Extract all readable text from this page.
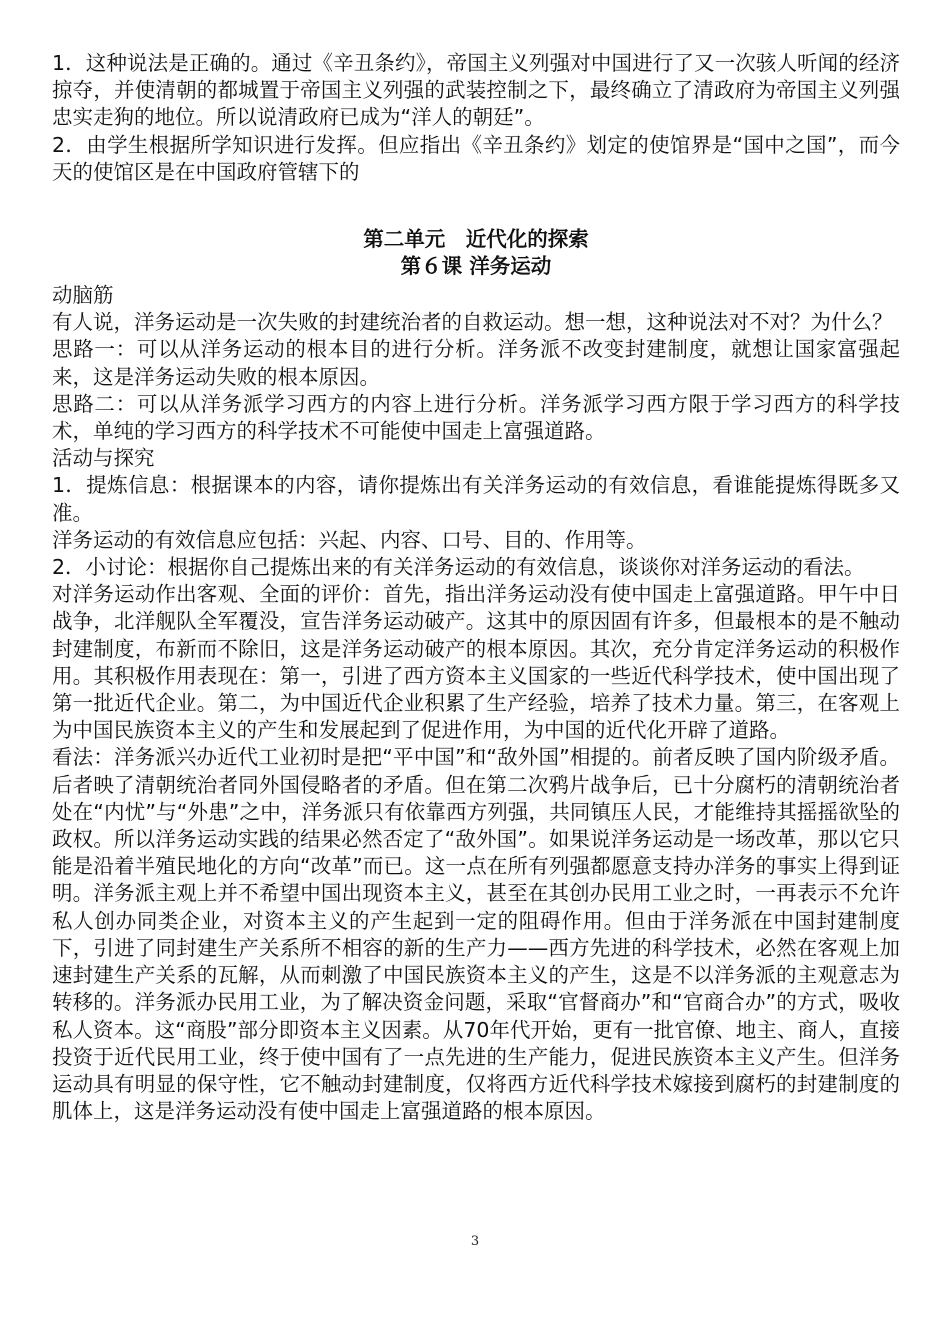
1．这种说法是正确的。通过《辛丑条约》，帝国主义列强对中国进行了又一次骇人听闻的经济掠夺，并使清朝的都城置于帝国主义列强的武装控制之下，最终确立了清政府为帝国主义列强忠实走狗的地位。所以说清政府已成为“洋人的朝廷”。

2．由学生根据所学知识进行发挥。但应指出《辛丑条约》划定的使馆界是“国中之国”，而今天的使馆区是在中国政府管辖下的

第二单元　近代化的探索
第６课 洋务运动

动脑筋

有人说，洋务运动是一次失败的封建统治者的自救运动。想一想，这种说法对不对？为什么？

思路一：可以从洋务运动的根本目的进行分析。洋务派不改变封建制度，就想让国家富强起来，这是洋务运动失败的根本原因。

思路二：可以从洋务派学习西方的内容上进行分析。洋务派学习西方限于学习西方的科学技术，单纯的学习西方的科学技术不可能使中国走上富强道路。

活动与探究

1．提炼信息：根据课本的内容，请你提炼出有关洋务运动的有效信息，看谁能提炼得既多又准。

洋务运动的有效信息应包括：兴起、内容、口号、目的、作用等。

2．小讨论：根据你自己提炼出来的有关洋务运动的有效信息，谈谈你对洋务运动的看法。

对洋务运动作出客观、全面的评价：首先，指出洋务运动没有使中国走上富强道路。甲午中日战争，北洋舰队全军覆没，宣告洋务运动破产。这其中的原因固有许多，但最根本的是不触动封建制度，布新而不除旧，这是洋务运动破产的根本原因。其次，充分肯定洋务运动的积极作用。其积极作用表现在：第一，引进了西方资本主义国家的一些近代科学技术，使中国出现了第一批近代企业。第二，为中国近代企业积累了生产经验，培养了技术力量。第三，在客观上为中国民族资本主义的产生和发展起到了促进作用，为中国的近代化开辟了道路。

看法：洋务派兴办近代工业初时是把“平中国”和“敌外国”相提的。前者反映了国内阶级矛盾。后者映了清朝统治者同外国侵略者的矛盾。但在第二次鸦片战争后，已十分腐朽的清朝统治者处在“内忧”与“外患”之中，洋务派只有依靠西方列强，共同镇压人民，才能维持其摇摇欲坠的政权。所以洋务运动实践的结果必然否定了“敌外国”。如果说洋务运动是一场改革，那以它只能是沿着半殖民地化的方向“改革”而已。这一点在所有列强都愿意支持办洋务的事实上得到证明。洋务派主观上并不希望中国出现资本主义，甚至在其创办民用工业之时，一再表示不允许私人创办同类企业，对资本主义的产生起到一定的阻碍作用。但由于洋务派在中国封建制度下，引进了同封建生产关系所不相容的新的生产力——西方先进的科学技术，必然在客观上加速封建生产关系的瓦解，从而刺激了中国民族资本主义的产生，这是不以洋务派的主观意志为转移的。洋务派办民用工业，为了解决资金问题，采取“官督商办”和“官商合办”的方式，吸收私人资本。这“商股”部分即资本主义因素。从70年代开始，更有一批官僚、地主、商人，直接投资于近代民用工业，终于使中国有了一点先进的生产能力，促进民族资本主义产生。但洋务运动具有明显的保守性，它不触动封建制度，仅将西方近代科学技术嫁接到腐朽的封建制度的肌体上，这是洋务运动没有使中国走上富强道路的根本原因。

3
